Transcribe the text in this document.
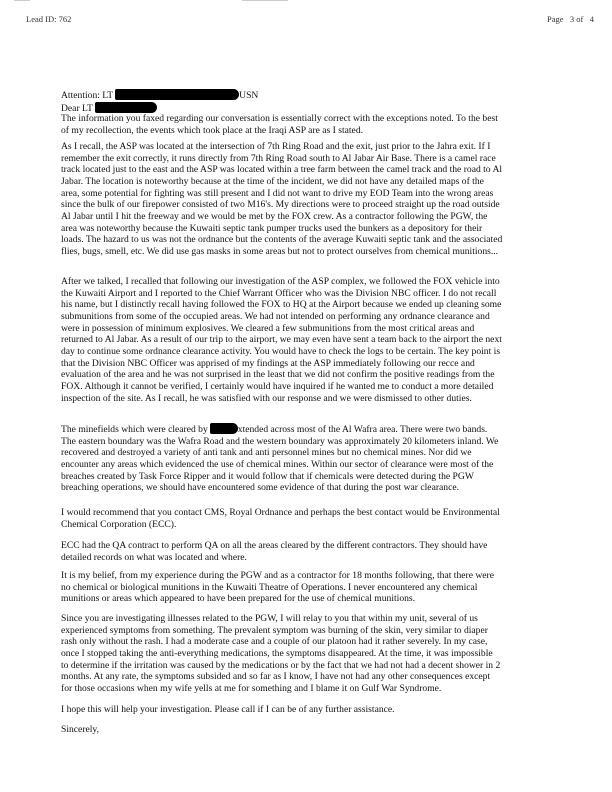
Lead ID: 762	Page   3 of   4
Attention: LT	USN
Dear LT
The information you faxed regarding our conversation is essentially correct with the exceptions noted. To the best
of my recollection, the events which took place at the Iraqi ASP are as I stated.
As I recall, the ASP was located at the intersection of 7th Ring Road and the exit, just prior to the Jahra exit. If I
remember the exit correctly, it runs directly from 7th Ring Road south to Al Jabar Air Base. There is a camel race
track located just to the east and the ASP was located within a tree farm between the camel track and the road to Al
Jabar. The location is noteworthy because at the time of the incident, we did not have any detailed maps of the
area, some potential for fighting was still present and I did not want to drive my EOD Team into the wrong areas
since the bulk of our firepower consisted of two M16's. My directions were to proceed straight up the road outside
Al Jabar until I hit the freeway and we would be met by the FOX crew. As a contractor following the PGW, the
area was noteworthy because the Kuwaiti septic tank pumper trucks used the bunkers as a depository for their
loads. The hazard to us was not the ordnance but the contents of the average Kuwaiti septic tank and the associated
flies, bugs, smell, etc. We did use gas masks in some areas but not to protect ourselves from chemical munitions...
After we talked, I recalled that following our investigation of the ASP complex, we followed the FOX vehicle into
the Kuwaiti Airport and I reported to the Chief Warrant Officer who was the Division NBC officer. I do not recall
his name, but I distinctly recall having followed the FOX to HQ at the Airport because we ended up cleaning some
submunitions from some of the occupied areas. We had not intended on performing any ordnance clearance and
were in possession of minimum explosives. We cleared a few submunitions from the most critical areas and
returned to Al Jabar. As a result of our trip to the airport, we may even have sent a team back to the airport the next
day to continue some ordnance clearance activity. You would have to check the logs to be certain. The key point is
that the Division NBC Officer was apprised of my findings at the ASP immediately following our recce and
evaluation of the area and he was not surprised in the least that we did not confirm the positive readings from the
FOX. Although it cannot be verified, I certainly would have inquired if he wanted me to conduct a more detailed
inspection of the site. As I recall, he was satisfied with our response and we were dismissed to other duties.
The minefields which were cleared by	xtended across most of the Al Wafra area. There were two bands.
The eastern boundary was the Wafra Road and the western boundary was approximately 20 kilometers inland. We
recovered and destroyed a variety of anti tank and anti personnel mines but no chemical mines. Nor did we
encounter any areas which evidenced the use of chemical mines. Within our sector of clearance were most of the
breaches created by Task Force Ripper and it would follow that if chemicals were detected during the PGW
breaching operations, we should have encountered some evidence of that during the post war clearance.
I would recommend that you contact CMS, Royal Ordnance and perhaps the best contact would be Environmental
Chemical Corporation (ECC).
ECC had the QA contract to perform QA on all the areas cleared by the different contractors. They should have
detailed records on what was located and where.
It is my belief, from my experience during the PGW and as a contractor for 18 months following, that there were
no chemical or biological munitions in the Kuwaiti Theatre of Operations. I never encountered any chemical
munitions or areas which appeared to have been prepared for the use of chemical munitions.
Since you are investigating illnesses related to the PGW, I will relay to you that within my unit, several of us
experienced symptoms from something. The prevalent symptom was burning of the skin, very similar to diaper
rash only without the rash. I had a moderate case and a couple of our platoon had it rather severely. In my case,
once I stopped taking the anti-everything medications, the symptoms disappeared. At the time, it was impossible
to determine if the irritation was caused by the medications or by the fact that we had not had a decent shower in 2
months. At any rate, the symptoms subsided and so far as I know, I have not had any other consequences except
for those occasions when my wife yells at me for something and I blame it on Gulf War Syndrome.
I hope this will help your investigation. Please call if I can be of any further assistance.
Sincerely,
